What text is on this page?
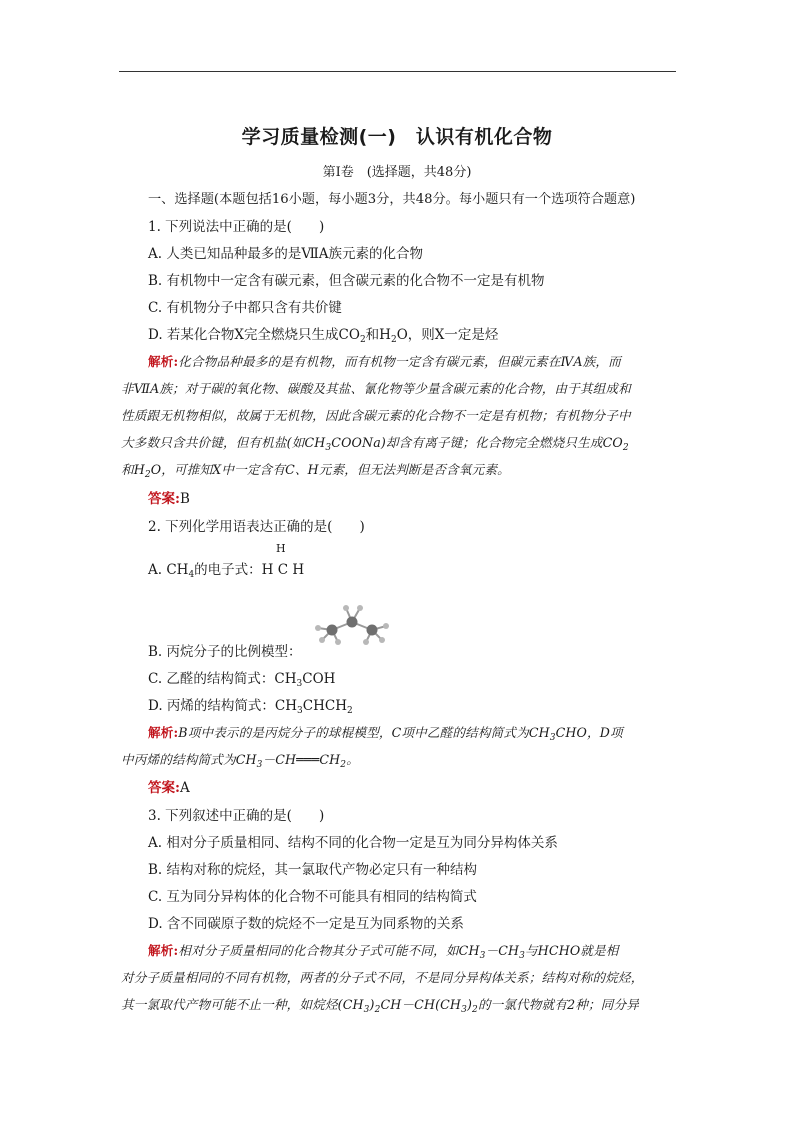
学习质量检测(一)　认识有机化合物
第Ⅰ卷　(选择题，共48分)
一、选择题(本题包括16小题，每小题3分，共48分。每小题只有一个选项符合题意)
1. 下列说法中正确的是(　　)
A. 人类已知品种最多的是ⅦA族元素的化合物
B. 有机物中一定含有碳元素，但含碳元素的化合物不一定是有机物
C. 有机物分子中都只含有共价键
D. 若某化合物X完全燃烧只生成$CO_2$和$H_2O$，则X一定是烃
解析:化合物品种最多的是有机物，而有机物一定含有碳元素，但碳元素在ⅣA族，而
非ⅦA族；对于碳的氧化物、碳酸及其盐、氰化物等少量含碳元素的化合物，由于其组成和
性质跟无机物相似，故属于无机物，因此含碳元素的化合物不一定是有机物；有机物分子中
大多数只含共价键，但有机盐(如$CH_3COONa$)却含有离子键；化合物完全燃烧只生成$CO_2$
和$H_2O$，可推知X中一定含有C、H元素，但无法判断是否含氧元素。
答案:B
2. 下列化学用语表达正确的是(　　)
H
A. $CH_4$的电子式：H C H
B. 丙烷分子的比例模型：
C. 乙醛的结构简式：$CH_3COH$
D. 丙烯的结构简式：$CH_3CHCH_2$
解析:B项中表示的是丙烷分子的球棍模型，C项中乙醛的结构简式为$CH_3CHO$，D项
中丙烯的结构简式为$CH_3-CH═══CH_2$。
答案:A
3. 下列叙述中正确的是(　　)
A. 相对分子质量相同、结构不同的化合物一定是互为同分异构体关系
B. 结构对称的烷烃，其一氯取代产物必定只有一种结构
C. 互为同分异构体的化合物不可能具有相同的结构简式
D. 含不同碳原子数的烷烃不一定是互为同系物的关系
解析:相对分子质量相同的化合物其分子式可能不同，如$CH_3-CH_3$与HCHO就是相
对分子质量相同的不同有机物，两者的分子式不同，不是同分异构体关系；结构对称的烷烃，
其一氯取代产物可能不止一种，如烷烃$(CH_3)_2CH-CH(CH_3)_2$的一氯代物就有2种；同分异
